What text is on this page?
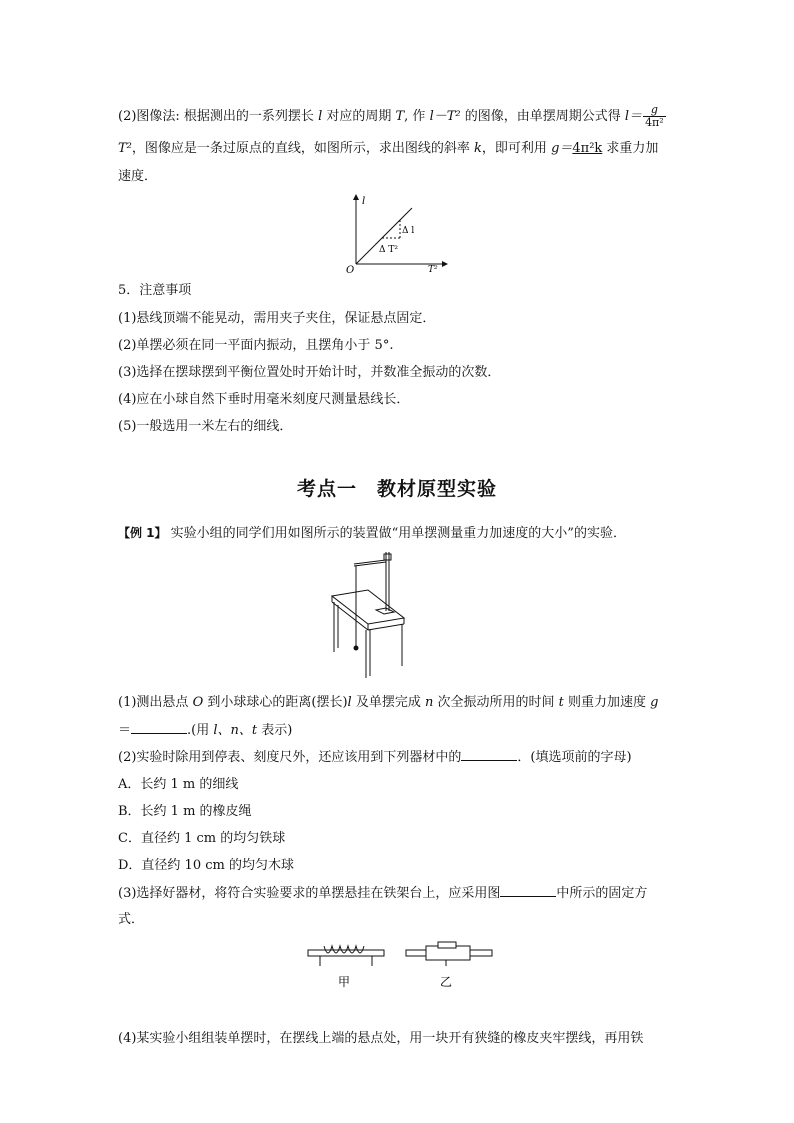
(2)图像法: 根据测出的一系列摆长 l 对应的周期 T, 作 l－T² 的图像，由单摆周期公式得 $l= \frac{g}{\text{4π²}}$
T²，图像应是一条过原点的直线，如图所示，求出图线的斜率 k，即可利用 g＝4π²k 求重力加
速度．
l
T²
O
Δ l
Δ T²
5．注意事项
(1)悬线顶端不能晃动，需用夹子夹住，保证悬点固定．
(2)单摆必须在同一平面内振动，且摆角小于 5°.
(3)选择在摆球摆到平衡位置处时开始计时，并数准全振动的次数．
(4)应在小球自然下垂时用毫米刻度尺测量悬线长．
(5)一般选用一米左右的细线．
考点一　教材原型实验
【例 1】 实验小组的同学们用如图所示的装置做“用单摆测量重力加速度的大小”的实验．
(1)测出悬点 O 到小球球心的距离(摆长)l 及单摆完成 n 次全振动所用的时间 t 则重力加速度 g
＝	.(用 l、n、t 表示)
(2)实验时除用到停表、刻度尺外，还应该用到下列器材中的	．(填选项前的字母)
A．长约 1 m 的细线
B．长约 1 m 的橡皮绳
C．直径约 1 cm 的均匀铁球
D．直径约 10 cm 的均匀木球
(3)选择好器材，将符合实验要求的单摆悬挂在铁架台上，应采用图	中所示的固定方
式．
甲	乙
(4)某实验小组组装单摆时，在摆线上端的悬点处，用一块开有狭缝的橡皮夹牢摆线，再用铁
